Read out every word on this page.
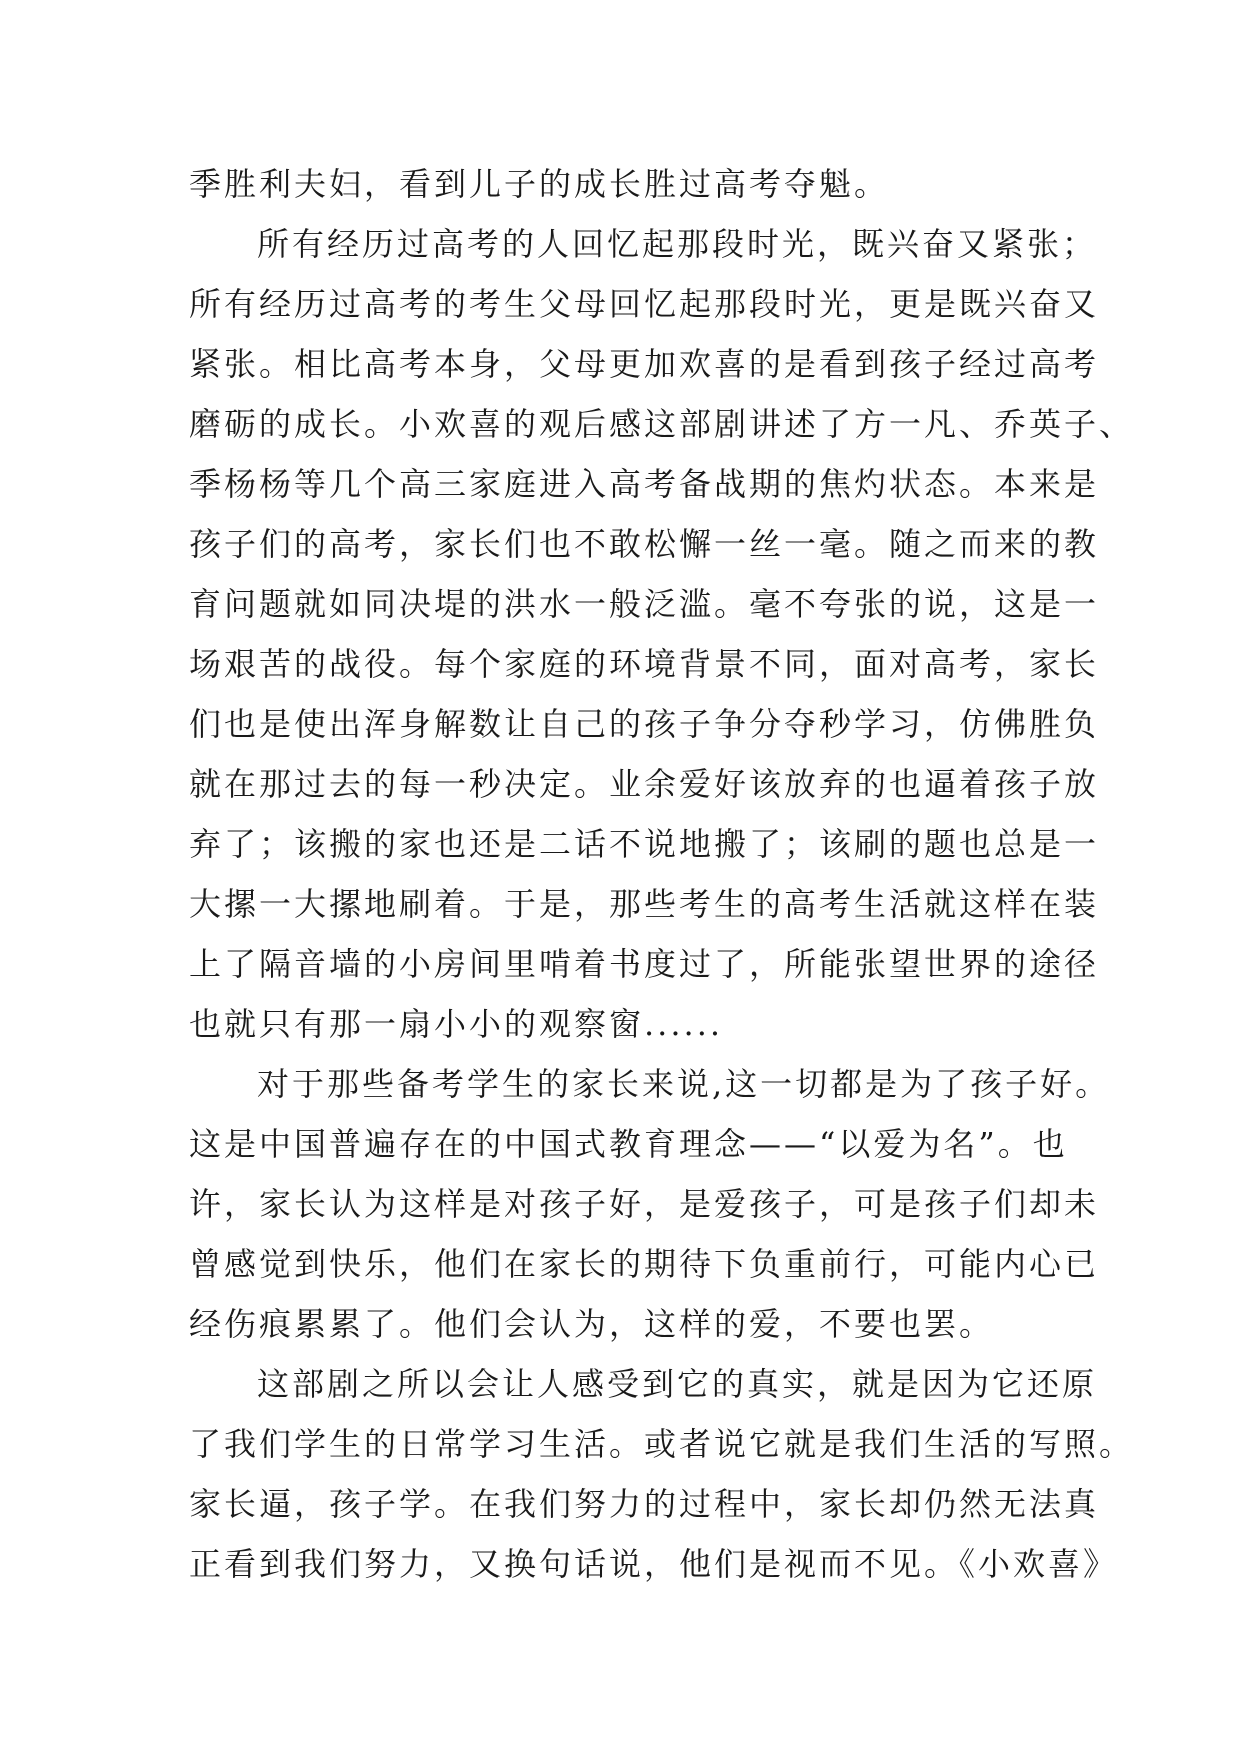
季胜利夫妇，看到儿子的成长胜过高考夺魁。
所有经历过高考的人回忆起那段时光，既兴奋又紧张；
所有经历过高考的考生父母回忆起那段时光，更是既兴奋又
紧张。相比高考本身，父母更加欢喜的是看到孩子经过高考
磨砺的成长。小欢喜的观后感这部剧讲述了方一凡、乔英子、
季杨杨等几个高三家庭进入高考备战期的焦灼状态。本来是
孩子们的高考，家长们也不敢松懈一丝一毫。随之而来的教
育问题就如同决堤的洪水一般泛滥。毫不夸张的说，这是一
场艰苦的战役。每个家庭的环境背景不同，面对高考，家长
们也是使出浑身解数让自己的孩子争分夺秒学习，仿佛胜负
就在那过去的每一秒决定。业余爱好该放弃的也逼着孩子放
弃了；该搬的家也还是二话不说地搬了；该刷的题也总是一
大摞一大摞地刷着。于是，那些考生的高考生活就这样在装
上了隔音墙的小房间里啃着书度过了，所能张望世界的途径
也就只有那一扇小小的观察窗......
对于那些备考学生的家长来说,这一切都是为了孩子好。
这是中国普遍存在的中国式教育理念——“以爱为名”。也
许，家长认为这样是对孩子好，是爱孩子，可是孩子们却未
曾感觉到快乐，他们在家长的期待下负重前行，可能内心已
经伤痕累累了。他们会认为，这样的爱，不要也罢。
这部剧之所以会让人感受到它的真实，就是因为它还原
了我们学生的日常学习生活。或者说它就是我们生活的写照。
家长逼，孩子学。在我们努力的过程中，家长却仍然无法真
正看到我们努力，又换句话说，他们是视而不见。《小欢喜》
